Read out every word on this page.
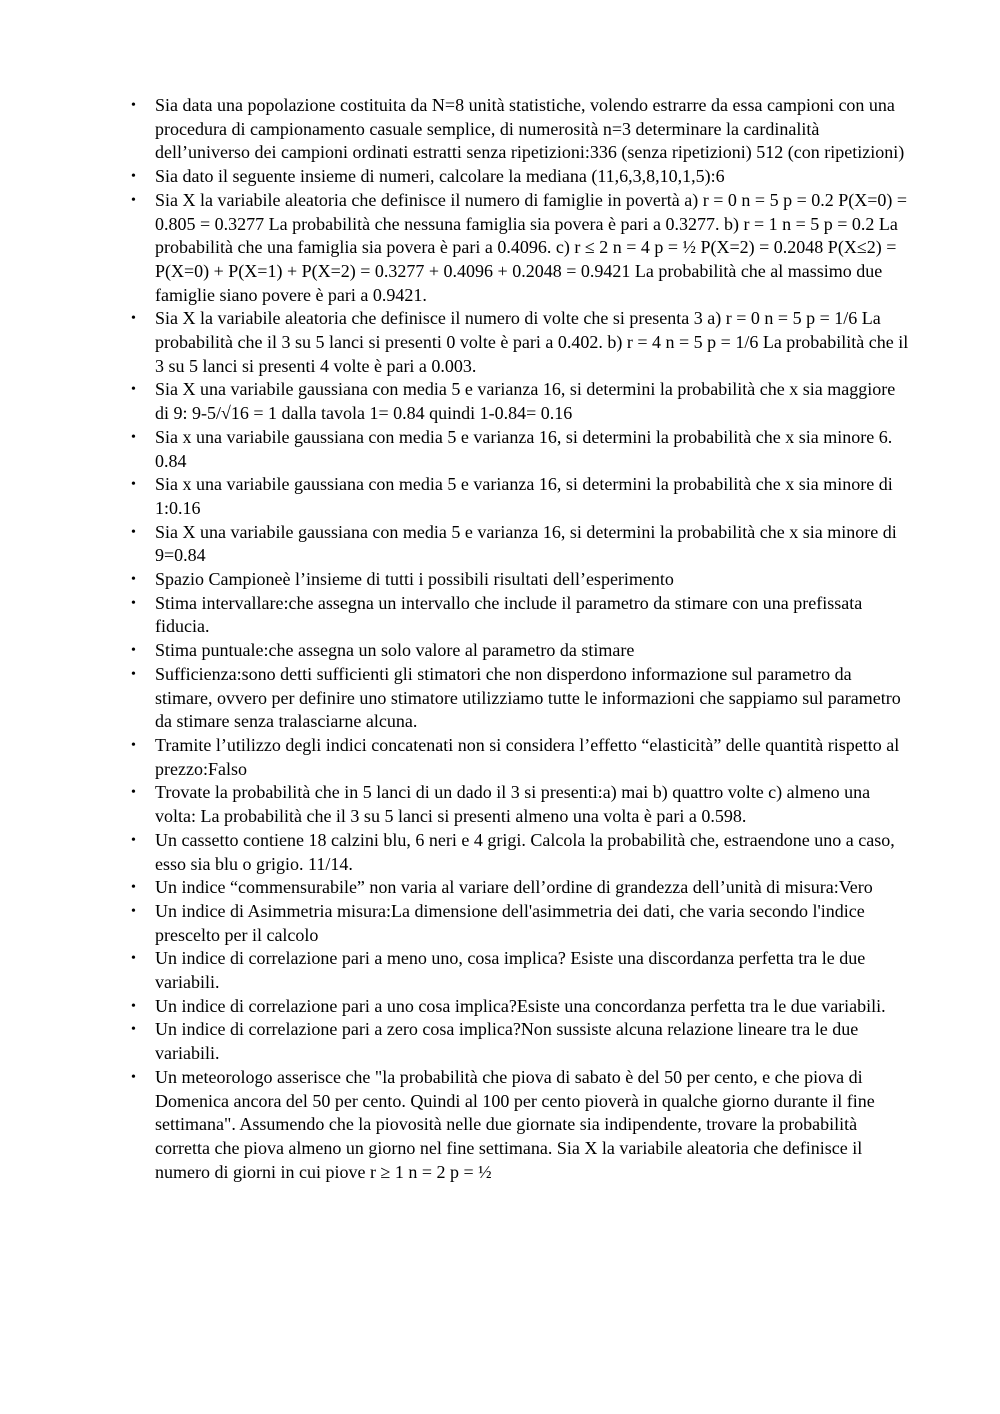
•	Sia data una popolazione costituita da N=8 unità statistiche, volendo estrarre da essa campioni con una procedura di campionamento casuale semplice, di numerosità n=3 determinare la cardinalità dell’universo dei campioni ordinati estratti senza ripetizioni:336 (senza ripetizioni) 512 (con ripetizioni)
•	Sia dato il seguente insieme di numeri, calcolare la mediana (11,6,3,8,10,1,5):6
•	Sia X la variabile aleatoria che definisce il numero di famiglie in povertà a) r = 0 n = 5 p = 0.2 P(X=0) = 0.805 = 0.3277 La probabilità che nessuna famiglia sia povera è pari a 0.3277. b) r = 1 n = 5 p = 0.2 La probabilità che una famiglia sia povera è pari a 0.4096. c) r ≤ 2 n = 4 p = ½ P(X=2) = 0.2048 P(X≤2) = P(X=0) + P(X=1) + P(X=2) = 0.3277 + 0.4096 + 0.2048 = 0.9421 La probabilità che al massimo due famiglie siano povere è pari a 0.9421.
•	Sia X la variabile aleatoria che definisce il numero di volte che si presenta 3 a) r = 0 n = 5 p = 1/6 La probabilità che il 3 su 5 lanci si presenti 0 volte è pari a 0.402. b) r = 4 n = 5 p = 1/6 La probabilità che il 3 su 5 lanci si presenti 4 volte è pari a 0.003.
•	Sia X una variabile gaussiana con media 5 e varianza 16, si determini la probabilità che x sia maggiore di 9: 9-5/√16 = 1 dalla tavola 1= 0.84 quindi 1-0.84= 0.16
•	Sia x una variabile gaussiana con media 5 e varianza 16, si determini la probabilità che x sia minore 6. 0.84
•	Sia x una variabile gaussiana con media 5 e varianza 16, si determini la probabilità che x sia minore di 1:0.16
•	Sia X una variabile gaussiana con media 5 e varianza 16, si determini la probabilità che x sia minore di 9=0.84
•	Spazio Campioneè l’insieme di tutti i possibili risultati dell’esperimento
•	Stima intervallare:che assegna un intervallo che include il parametro da stimare con una prefissata fiducia.
•	Stima puntuale:che assegna un solo valore al parametro da stimare
•	Sufficienza:sono detti sufficienti gli stimatori che non disperdono informazione sul parametro da stimare, ovvero per definire uno stimatore utilizziamo tutte le informazioni che sappiamo sul parametro da stimare senza tralasciarne alcuna.
•	Tramite l’utilizzo degli indici concatenati non si considera l’effetto “elasticità” delle quantità rispetto al prezzo:Falso
•	Trovate la probabilità che in 5 lanci di un dado il 3 si presenti:a) mai b) quattro volte c) almeno una volta: La probabilità che il 3 su 5 lanci si presenti almeno una volta è pari a 0.598.
•	Un cassetto contiene 18 calzini blu, 6 neri e 4 grigi. Calcola la probabilità che, estraendone uno a caso, esso sia blu o grigio. 11/14.
•	Un indice “commensurabile” non varia al variare dell’ordine di grandezza dell’unità di misura:Vero
•	Un indice di Asimmetria misura:La dimensione dell'asimmetria dei dati, che varia secondo l'indice prescelto per il calcolo
•	Un indice di correlazione pari a meno uno, cosa implica? Esiste una discordanza perfetta tra le due variabili.
•	Un indice di correlazione pari a uno cosa implica?Esiste una concordanza perfetta tra le due variabili.
•	Un indice di correlazione pari a zero cosa implica?Non sussiste alcuna relazione lineare tra le due variabili.
•	Un meteorologo asserisce che "la probabilità che piova di sabato è del 50 per cento, e che piova di Domenica ancora del 50 per cento. Quindi al 100 per cento pioverà in qualche giorno durante il fine settimana". Assumendo che la piovosità nelle due giornate sia indipendente, trovare la probabilità corretta che piova almeno un giorno nel fine settimana. Sia X la variabile aleatoria che definisce il numero di giorni in cui piove r ≥ 1 n = 2 p = ½
